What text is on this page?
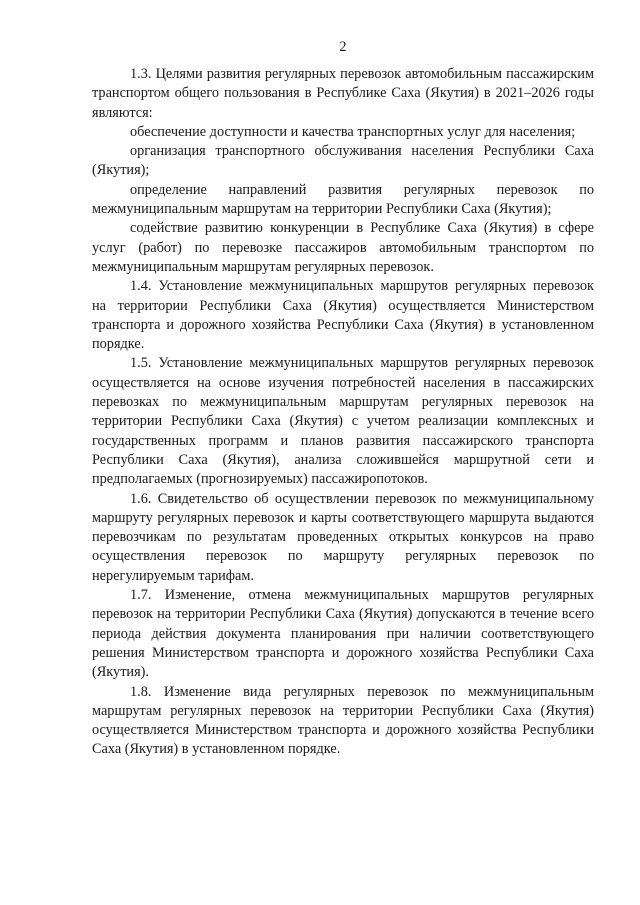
2

1.3. Целями развития регулярных перевозок автомобильным пассажирским транспортом общего пользования в Республике Саха (Якутия) в 2021–2026 годы являются:

обеспечение доступности и качества транспортных услуг для населения;

организация транспортного обслуживания населения Республики Саха (Якутия);

определение направлений развития регулярных перевозок по межмуниципальным маршрутам на территории Республики Саха (Якутия);

содействие развитию конкуренции в Республике Саха (Якутия) в сфере услуг (работ) по перевозке пассажиров автомобильным транспортом по межмуниципальным маршрутам регулярных перевозок.

1.4. Установление межмуниципальных маршрутов регулярных перевозок на территории Республики Саха (Якутия) осуществляется Министерством транспорта и дорожного хозяйства Республики Саха (Якутия) в установленном порядке.

1.5. Установление межмуниципальных маршрутов регулярных перевозок осуществляется на основе изучения потребностей населения в пассажирских перевозках по межмуниципальным маршрутам регулярных перевозок на территории Республики Саха (Якутия) с учетом реализации комплексных и государственных программ и планов развития пассажирского транспорта Республики Саха (Якутия), анализа сложившейся маршрутной сети и предполагаемых (прогнозируемых) пассажиропотоков.

1.6. Свидетельство об осуществлении перевозок по межмуниципальному маршруту регулярных перевозок и карты соответствующего маршрута выдаются перевозчикам по результатам проведенных открытых конкурсов на право осуществления перевозок по маршруту регулярных перевозок по нерегулируемым тарифам.

1.7. Изменение, отмена межмуниципальных маршрутов регулярных перевозок на территории Республики Саха (Якутия) допускаются в течение всего периода действия документа планирования при наличии соответствующего решения Министерством транспорта и дорожного хозяйства Республики Саха (Якутия).

1.8. Изменение вида регулярных перевозок по межмуниципальным маршрутам регулярных перевозок на территории Республики Саха (Якутия) осуществляется Министерством транспорта и дорожного хозяйства Республики Саха (Якутия) в установленном порядке.
